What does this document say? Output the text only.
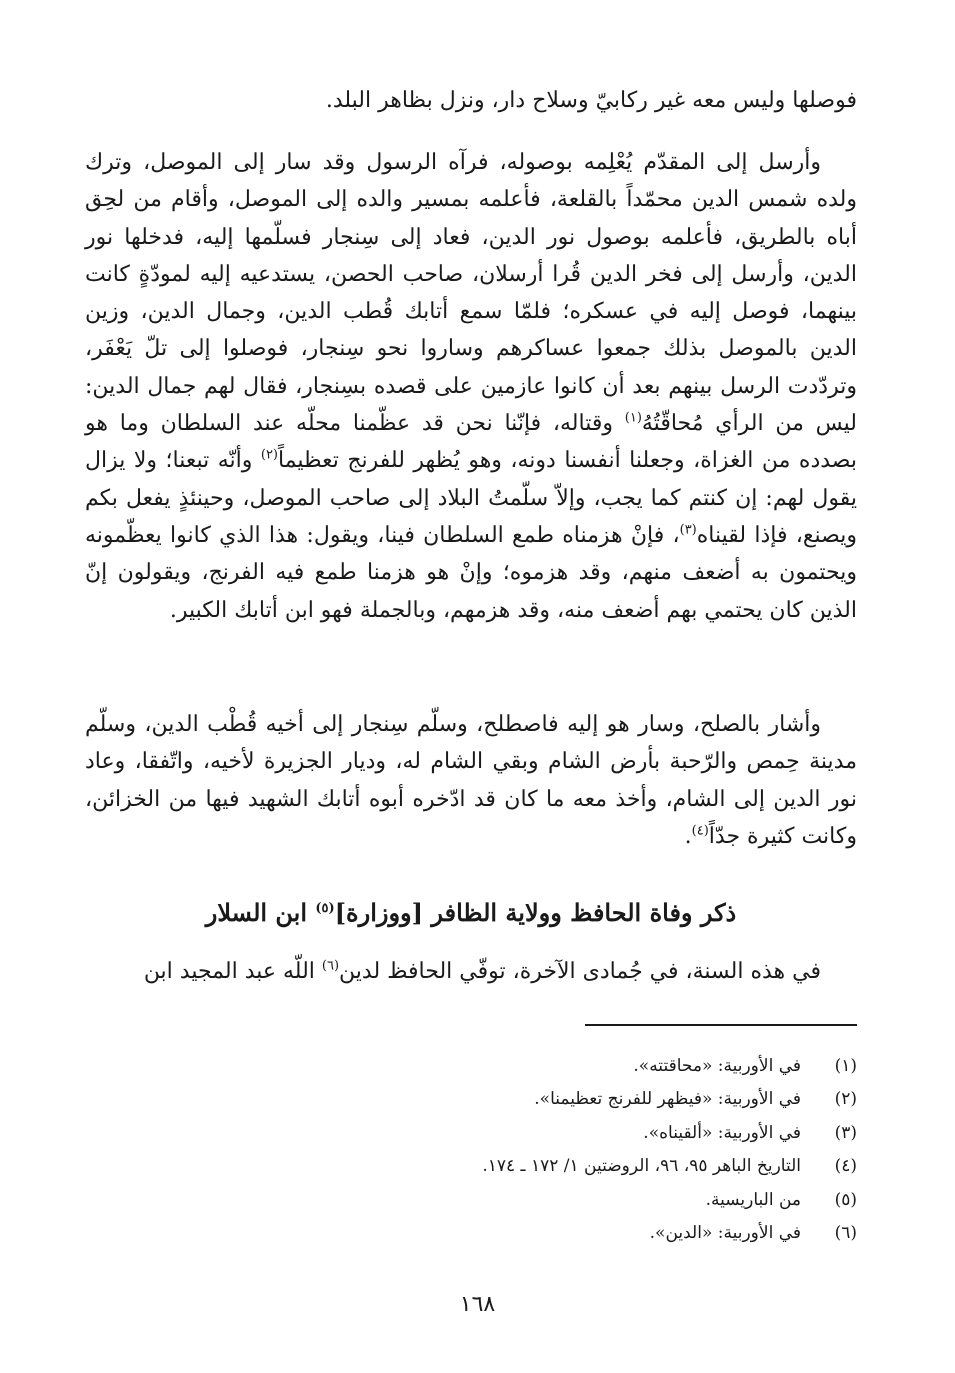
فوصلها وليس معه غير ركابيّ وسلاح دار، ونزل بظاهر البلد.

وأرسل إلى المقدّم يُعْلِمه بوصوله، فرآه الرسول وقد سار إلى الموصل، وترك ولده شمس الدين محمّداً بالقلعة، فأعلمه بمسير والده إلى الموصل، وأقام من لحِق أباه بالطريق، فأعلمه بوصول نور الدين، فعاد إلى سِنجار فسلّمها إليه، فدخلها نور الدين، وأرسل إلى فخر الدين قُرا أرسلان، صاحب الحصن، يستدعيه إليه لمودّةٍ كانت بينهما، فوصل إليه في عسكره؛ فلمّا سمع أتابك قُطب الدين، وجمال الدين، وزين الدين بالموصل بذلك جمعوا عساكرهم وساروا نحو سِنجار، فوصلوا إلى تلّ يَعْفَر، وتردّدت الرسل بينهم بعد أن كانوا عازمين على قصده بسِنجار، فقال لهم جمال الدين: ليس من الرأي مُحاقّتُهُ$^{(١)}$ وقتاله، فإنّنا نحن قد عظّمنا محلّه عند السلطان وما هو بصدده من الغزاة، وجعلنا أنفسنا دونه، وهو يُظهر للفرنج تعظيماً$^{(٢)}$ وأنّه تبعنا؛ ولا يزال يقول لهم: إن كنتم كما يجب، وإلاّ سلّمتُ البلاد إلى صاحب الموصل، وحينئذٍ يفعل بكم ويصنع، فإذا لقيناه$^{(٣)}$، فإنْ هزمناه طمع السلطان فينا، ويقول: هذا الذي كانوا يعظّمونه ويحتمون به أضعف منهم، وقد هزموه؛ وإنْ هو هزمنا طمع فيه الفرنج، ويقولون إنّ الذين كان يحتمي بهم أضعف منه، وقد هزمهم، وبالجملة فهو ابن أتابك الكبير.

وأشار بالصلح، وسار هو إليه فاصطلح، وسلّم سِنجار إلى أخيه قُطْب الدين، وسلّم مدينة حِمص والرّحبة بأرض الشام وبقي الشام له، وديار الجزيرة لأخيه، واتّفقا، وعاد نور الدين إلى الشام، وأخذ معه ما كان قد ادّخره أبوه أتابك الشهيد فيها من الخزائن، وكانت كثيرة جدّاً$^{(٤)}$.

ذكر وفاة الحافظ وولاية الظافر [ووزارة]$^{(٥)}$ ابن السلار

في هذه السنة، في جُمادى الآخرة، توفّي الحافظ لدين$^{(٦)}$ اللّه عبد المجيد ابن

(١)
في الأوربية: «محاقتته».
(٢)
في الأوربية: «فيظهر للفرنج تعظيمنا».
(٣)
في الأوربية: «ألقيناه».
(٤)
التاريخ الباهر ٩٥، ٩٦، الروضتين ١/ ١٧٢ ـ ١٧٤.
(٥)
من الباريسية.
(٦)
في الأوربية: «الدين».
١٦٨
